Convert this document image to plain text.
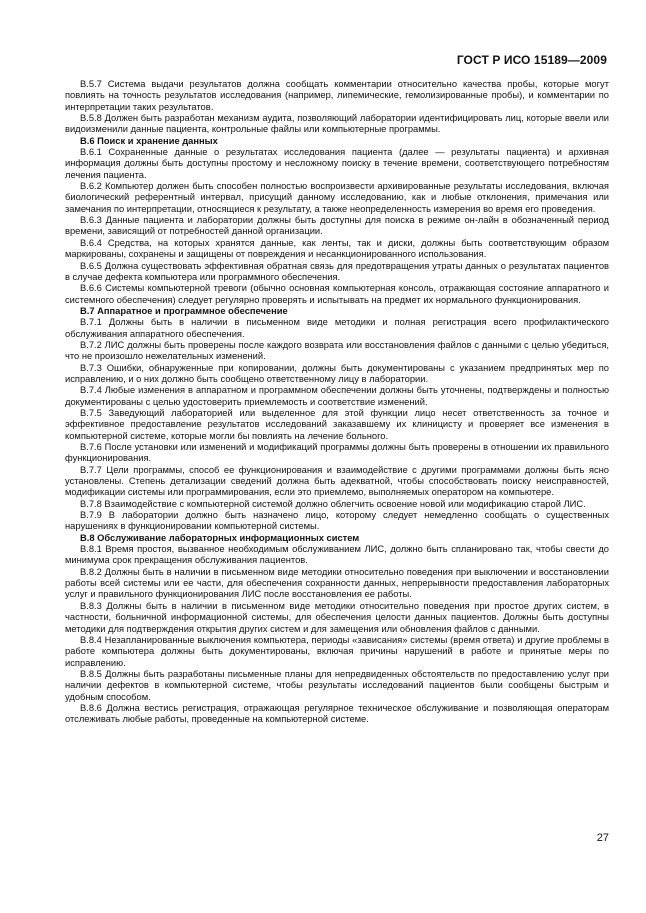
ГОСТ Р ИСО 15189—2009

В.5.7 Система выдачи результатов должна сообщать комментарии относительно качества пробы, которые могут повлиять на точность результатов исследования (например, липемические, гемолизированные пробы), и комментарии по интерпретации таких результатов.

В.5.8 Должен быть разработан механизм аудита, позволяющий лаборатории идентифицировать лиц, которые ввели или видоизменили данные пациента, контрольные файлы или компьютерные программы.

В.6 Поиск и хранение данных

В.6.1 Сохраненные данные о результатах исследования пациента (далее — результаты пациента) и архивная информация должны быть доступны простому и несложному поиску в течение времени, соответствующего потребностям лечения пациента.

В.6.2 Компьютер должен быть способен полностью воспроизвести архивированные результаты исследования, включая биологический референтный интервал, присущий данному исследованию, как и любые отклонения, примечания или замечания по интерпретации, относящиеся к результату, а также неопределенность измерения во время его проведения.

В.6.3 Данные пациента и лаборатории должны быть доступны для поиска в режиме он-лайн в обозначенный период времени, зависящий от потребностей данной организации.

В.6.4 Средства, на которых хранятся данные, как ленты, так и диски, должны быть соответствующим образом маркированы, сохранены и защищены от повреждения и несанкционированного использования.

В.6.5 Должна существовать эффективная обратная связь для предотвращения утраты данных о результатах пациентов в случае дефекта компьютера или программного обеспечения.

В.6.6 Системы компьютерной тревоги (обычно основная компьютерная консоль, отражающая состояние аппаратного и системного обеспечения) следует регулярно проверять и испытывать на предмет их нормального функционирования.

В.7 Аппаратное и программное обеспечение

В.7.1 Должны быть в наличии в письменном виде методики и полная регистрация всего профилактического обслуживания аппаратного обеспечения.

В.7.2 ЛИС должны быть проверены после каждого возврата или восстановления файлов с данными с целью убедиться, что не произошло нежелательных изменений.

В.7.3 Ошибки, обнаруженные при копировании, должны быть документированы с указанием предпринятых мер по исправлению, и о них должно быть сообщено ответственному лицу в лаборатории.

В.7.4 Любые изменения в аппаратном и программном обеспечении должны быть уточнены, подтверждены и полностью документированы с целью удостоверить приемлемость и соответствие изменений.

В.7.5 Заведующий лабораторией или выделенное для этой функции лицо несет ответственность за точное и эффективное предоставление результатов исследований заказавшему их клиницисту и проверяет все изменения в компьютерной системе, которые могли бы повлиять на лечение больного.

В.7.6 После установки или изменений и модификаций программы должны быть проверены в отношении их правильного функционирования.

В.7.7 Цели программы, способ ее функционирования и взаимодействие с другими программами должны быть ясно установлены. Степень детализации сведений должна быть адекватной, чтобы способствовать поиску неисправностей, модификации системы или программирования, если это приемлемо, выполняемых оператором на компьютере.

В.7.8 Взаимодействие с компьютерной системой должно облегчить освоение новой или модификацию старой ЛИС.

В.7.9 В лаборатории должно быть назначено лицо, которому следует немедленно сообщать о существенных нарушениях в функционировании компьютерной системы.

В.8 Обслуживание лабораторных информационных систем

В.8.1 Время простоя, вызванное необходимым обслуживанием ЛИС, должно быть спланировано так, чтобы свести до минимума срок прекращения обслуживания пациентов.

В.8.2 Должны быть в наличии в письменном виде методики относительно поведения при выключении и восстановлении работы всей системы или ее части, для обеспечения сохранности данных, непрерывности предоставления лабораторных услуг и правильного функционирования ЛИС после восстановления ее работы.

В.8.3 Должны быть в наличии в письменном виде методики относительно поведения при простое других систем, в частности, больничной информационной системы, для обеспечения целости данных пациентов. Должны быть доступны методики для подтверждения открытия других систем и для замещения или обновления файлов с данными.

В.8.4 Незапланированные выключения компьютера, периоды «зависания» системы (время ответа) и другие проблемы в работе компьютера должны быть документированы, включая причины нарушений в работе и принятые меры по исправлению.

В.8.5 Должны быть разработаны письменные планы для непредвиденных обстоятельств по предоставлению услуг при наличии дефектов в компьютерной системе, чтобы результаты исследований пациентов были сообщены быстрым и удобным способом.

В.8.6 Должна вестись регистрация, отражающая регулярное техническое обслуживание и позволяющая операторам отслеживать любые работы, проведенные на компьютерной системе.

27
